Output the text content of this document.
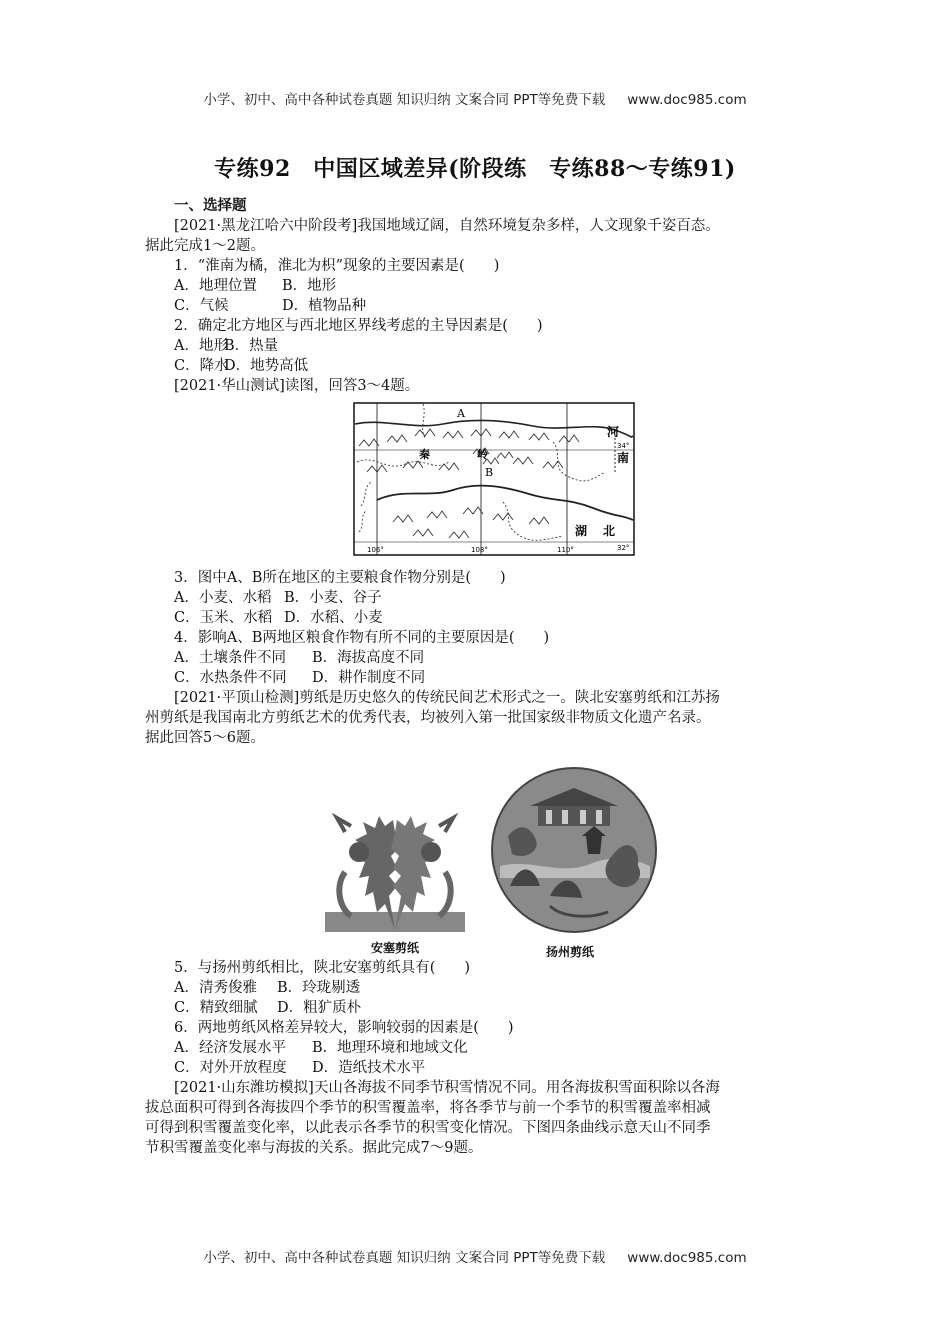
小学、初中、高中各种试卷真题 知识归纳 文案合同 PPT等免费下载 www.doc985.com
专练92　中国区域差异(阶段练　专练88～专练91)
一、选择题
[2021·黑龙江哈六中阶段考]我国地域辽阔，自然环境复杂多样，人文现象千姿百态。
据此完成1～2题。
1．“淮南为橘，淮北为枳”现象的主要因素是(　　)
A．地理位置 B．地形
C．气候	D．植物品种
2．确定北方地区与西北地区界线考虑的主导因素是(　　)
A．地形B．热量
C．降水D．地势高低
[2021·华山测试]读图，回答3～4题。
A
B
秦	岭
河
南
湖 北
34°
32°
106°	108°	110°
3．图中A、B所在地区的主要粮食作物分别是(　　)
A．小麦、水稻 B．小麦、谷子
C．玉米、水稻 D．水稻、小麦
4．影响A、B两地区粮食作物有所不同的主要原因是(　　)
A．土壤条件不同 B．海拔高度不同
C．水热条件不同 D．耕作制度不同
[2021·平顶山检测]剪纸是历史悠久的传统民间艺术形式之一。陕北安塞剪纸和江苏扬
州剪纸是我国南北方剪纸艺术的优秀代表，均被列入第一批国家级非物质文化遗产名录。
据此回答5～6题。
安塞剪纸	扬州剪纸
5．与扬州剪纸相比，陕北安塞剪纸具有(　　)
A．清秀俊雅 B．玲珑剔透
C．精致细腻 D．粗犷质朴
6．两地剪纸风格差异较大，影响较弱的因素是(　　)
A．经济发展水平 B．地理环境和地域文化
C．对外开放程度 D．造纸技术水平
[2021·山东潍坊模拟]天山各海拔不同季节积雪情况不同。用各海拔积雪面积除以各海
拔总面积可得到各海拔四个季节的积雪覆盖率，将各季节与前一个季节的积雪覆盖率相减
可得到积雪覆盖变化率，以此表示各季节的积雪变化情况。下图四条曲线示意天山不同季
节积雪覆盖变化率与海拔的关系。据此完成7～9题。
小学、初中、高中各种试卷真题 知识归纳 文案合同 PPT等免费下载 www.doc985.com
